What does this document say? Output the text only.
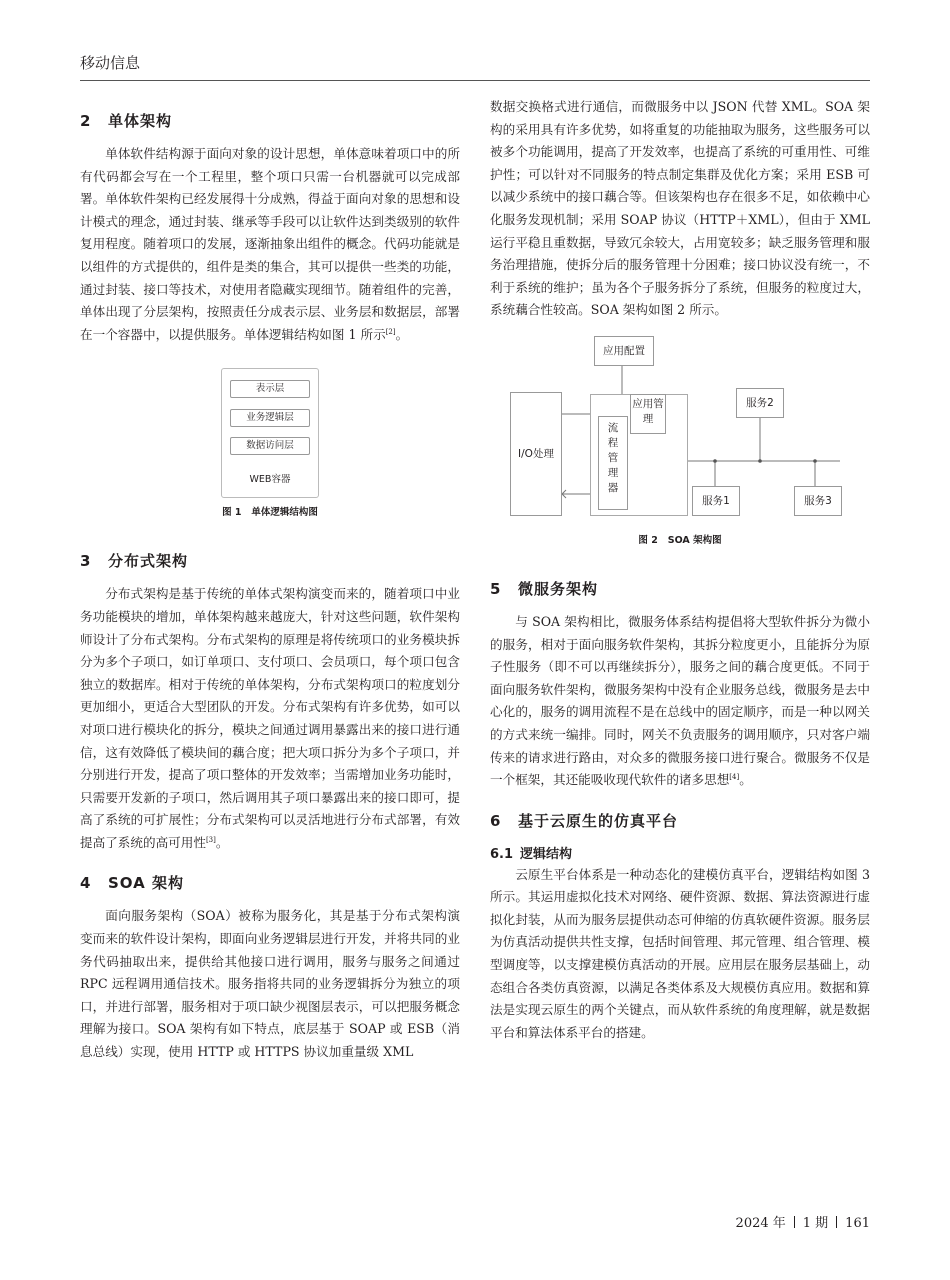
移动信息
2 单体架构

单体软件结构源于面向对象的设计思想，单体意味着项口中的所有代码都会写在一个工程里，整个项口只需一台机器就可以完成部署。单体软件架构已经发展得十分成熟，得益于面向对象的思想和设计模式的理念，通过封装、继承等手段可以让软件达到类级别的软件复用程度。随着项口的发展，逐渐抽象出组件的概念。代码功能就是以组件的方式提供的，组件是类的集合，其可以提供一些类的功能，通过封装、接口等技术，对使用者隐藏实现细节。随着组件的完善，单体出现了分层架构，按照责任分成表示层、业务层和数据层，部署在一个容器中，以提供服务。单体逻辑结构如图 1 所示[2]。

表示层
业务逻辑层
数据访问层
WEB容器
图 1 单体逻辑结构图
3 分布式架构

分布式架构是基于传统的单体式架构演变而来的，随着项口中业务功能模块的增加，单体架构越来越庞大，针对这些问题，软件架构师设计了分布式架构。分布式架构的原理是将传统项口的业务模块拆分为多个子项口，如订单项口、支付项口、会员项口，每个项口包含独立的数据库。相对于传统的单体架构，分布式架构项口的粒度划分更加细小，更适合大型团队的开发。分布式架构有许多优势，如可以对项口进行模块化的拆分，模块之间通过调用暴露出来的接口进行通信，这有效降低了模块间的藕合度；把大项口拆分为多个子项口，并分别进行开发，提高了项口整体的开发效率；当需增加业务功能时，只需要开发新的子项口，然后调用其子项口暴露出来的接口即可，提高了系统的可扩展性；分布式架构可以灵活地进行分布式部署，有效提高了系统的高可用性[3]。

4 SOA 架构

面向服务架构（SOA）被称为服务化，其是基于分布式架构演变而来的软件设计架构，即面向业务逻辑层进行开发，并将共同的业务代码抽取出来，提供给其他接口进行调用，服务与服务之间通过 RPC 远程调用通信技术。服务指将共同的业务逻辑拆分为独立的项口，并进行部署，服务相对于项口缺少视图层表示，可以把服务概念理解为接口。SOA 架构有如下特点，底层基于 SOAP 或 ESB（消息总线）实现，使用 HTTP 或 HTTPS 协议加重量级 XML

数据交换格式进行通信，而微服务中以 JSON 代替 XML。SOA 架构的采用具有许多优势，如将重复的功能抽取为服务，这些服务可以被多个功能调用，提高了开发效率，也提高了系统的可重用性、可维护性；可以针对不同服务的特点制定集群及优化方案；采用 ESB 可以减少系统中的接口藕合等。但该架构也存在很多不足，如依赖中心化服务发现机制；采用 SOAP 协议（HTTP＋XML），但由于 XML 运行平稳且重数据，导致冗余较大，占用宽较多；缺乏服务管理和服务治理措施，使拆分后的服务管理十分困难；接口协议没有统一，不利于系统的维护；虽为各个子服务拆分了系统，但服务的粒度过大，系统藕合性较高。SOA 架构如图 2 所示。

应用配置
I/O处理
流程管理器
应用管理
服务2
服务1	服务3
图 2 SOA 架构图
5 微服务架构

与 SOA 架构相比，微服务体系结构提倡将大型软件拆分为微小的服务，相对于面向服务软件架构，其拆分粒度更小，且能拆分为原子性服务（即不可以再继续拆分），服务之间的藕合度更低。不同于面向服务软件架构，微服务架构中没有企业服务总线，微服务是去中心化的，服务的调用流程不是在总线中的固定顺序，而是一种以网关的方式来统一编排。同时，网关不负责服务的调用顺序，只对客户端传来的请求进行路由，对众多的微服务接口进行聚合。微服务不仅是一个框架，其还能吸收现代软件的诸多思想[4]。

6 基于云原生的仿真平台
6.1 逻辑结构

云原生平台体系是一种动态化的建模仿真平台，逻辑结构如图 3 所示。其运用虚拟化技术对网络、硬件资源、数据、算法资源进行虚拟化封装，从而为服务层提供动态可伸缩的仿真软硬件资源。服务层为仿真活动提供共性支撑，包括时间管理、邦元管理、组合管理、模型调度等，以支撑建模仿真活动的开展。应用层在服务层基础上，动态组合各类仿真资源，以满足各类体系及大规模仿真应用。数据和算法是实现云原生的两个关键点，而从软件系统的角度理解，就是数据平台和算法体系平台的搭建。

2024 年 1 期 161
